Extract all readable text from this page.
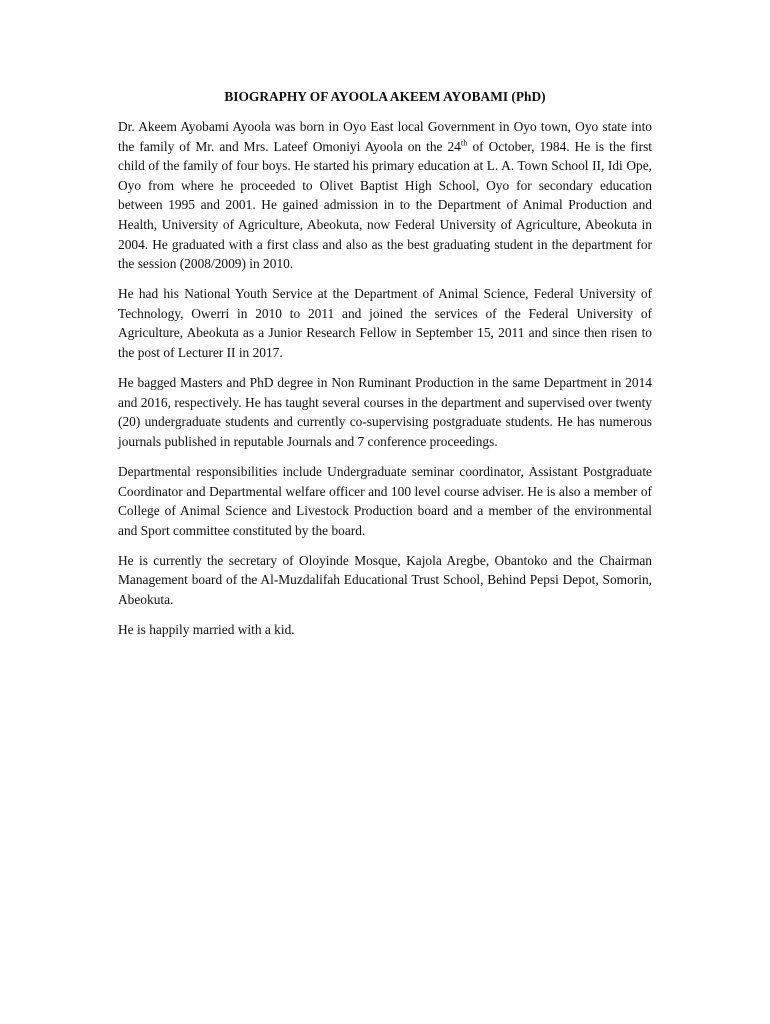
BIOGRAPHY OF AYOOLA AKEEM AYOBAMI (PhD)
Dr. Akeem Ayobami Ayoola was born in Oyo East local Government in Oyo town, Oyo state into the family of Mr. and Mrs. Lateef Omoniyi Ayoola on the 24th of October, 1984. He is the first child of the family of four boys. He started his primary education at L. A. Town School II, Idi Ope, Oyo from where he proceeded to Olivet Baptist High School, Oyo for secondary education between 1995 and 2001. He gained admission in to the Department of Animal Production and Health, University of Agriculture, Abeokuta, now Federal University of Agriculture, Abeokuta in 2004. He graduated with a first class and also as the best graduating student in the department for the session (2008/2009) in 2010.
He had his National Youth Service at the Department of Animal Science, Federal University of Technology, Owerri in 2010 to 2011 and joined the services of the Federal University of Agriculture, Abeokuta as a Junior Research Fellow in September 15, 2011 and since then risen to the post of Lecturer II in 2017.
He bagged Masters and PhD degree in Non Ruminant Production in the same Department in 2014 and 2016, respectively. He has taught several courses in the department and supervised over twenty (20) undergraduate students and currently co-supervising postgraduate students. He has numerous journals published in reputable Journals and 7 conference proceedings.
Departmental responsibilities include Undergraduate seminar coordinator, Assistant Postgraduate Coordinator and Departmental welfare officer and 100 level course adviser. He is also a member of College of Animal Science and Livestock Production board and a member of the environmental and Sport committee constituted by the board.
He is currently the secretary of Oloyinde Mosque, Kajola Aregbe, Obantoko and the Chairman Management board of the Al-Muzdalifah Educational Trust School, Behind Pepsi Depot, Somorin, Abeokuta.
He is happily married with a kid.
